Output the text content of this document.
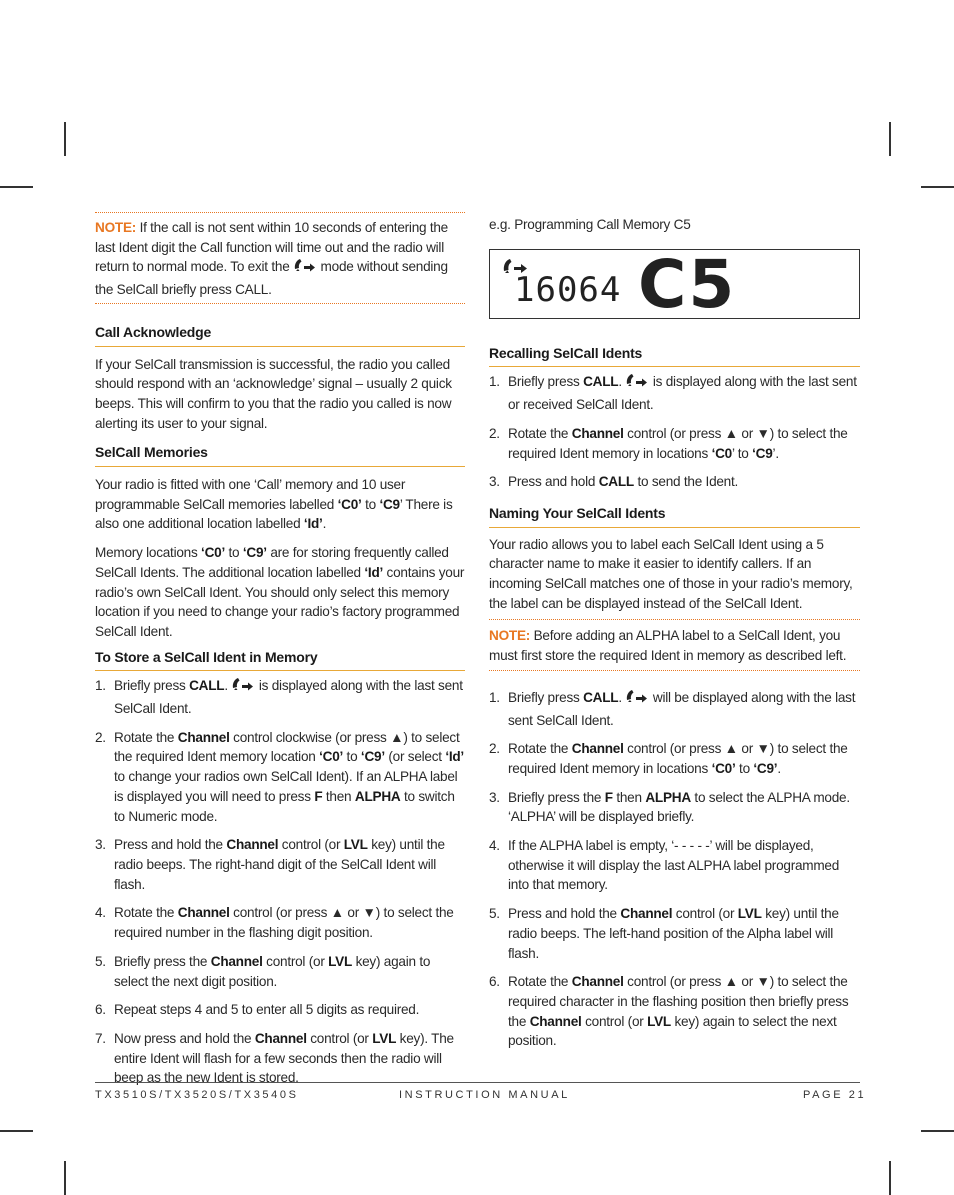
NOTE: If the call is not sent within 10 seconds of entering the last Ident digit the Call function will time out and the radio will return to normal mode. To exit the  mode without sending the SelCall briefly press CALL.
Call Acknowledge

If your SelCall transmission is successful, the radio you called should respond with an ‘acknowledge’ signal – usually 2 quick beeps. This will confirm to you that the radio you called is now alerting its user to your signal.

SelCall Memories

Your radio is fitted with one ‘Call’ memory and 10 user programmable SelCall memories labelled ‘C0’ to ‘C9’ There is also one additional location labelled ‘Id’.

Memory locations ‘C0’ to ‘C9’ are for storing frequently called SelCall Idents. The additional location labelled ‘Id’ contains your radio’s own SelCall Ident. You should only select this memory location if you need to change your radio’s factory programmed SelCall Ident.

To Store a SelCall Ident in Memory
1. Briefly press CALL.  is displayed along with the last sent SelCall Ident.
2. Rotate the Channel control clockwise (or press ▲) to select the required Ident memory location ‘C0’ to ‘C9’ (or select ‘Id’ to change your radios own SelCall Ident). If an ALPHA label is displayed you will need to press F then ALPHA to switch to Numeric mode.
3. Press and hold the Channel control (or LVL key) until the radio beeps. The right-hand digit of the SelCall Ident will flash.
4. Rotate the Channel control (or press ▲ or ▼) to select the required number in the flashing digit position.
5. Briefly press the Channel control (or LVL key) again to select the next digit position.
6. Repeat steps 4 and 5 to enter all 5 digits as required.
7. Now press and hold the Channel control (or LVL key). The entire Ident will flash for a few seconds then the radio will beep as the new Ident is stored.

e.g. Programming Call Memory C5

16064 C5
Recalling SelCall Idents
1. Briefly press CALL.  is displayed along with the last sent or received SelCall Ident.
2. Rotate the Channel control (or press ▲ or ▼) to select the required Ident memory in locations ‘C0’ to ‘C9’.
3. Press and hold CALL to send the Ident.
Naming Your SelCall Idents

Your radio allows you to label each SelCall Ident using a 5 character name to make it easier to identify callers. If an incoming SelCall matches one of those in your radio’s memory, the label can be displayed instead of the SelCall Ident.

NOTE: Before adding an ALPHA label to a SelCall Ident, you must first store the required Ident in memory as described left.
1. Briefly press CALL.  will be displayed along with the last sent SelCall Ident.
2. Rotate the Channel control (or press ▲ or ▼) to select the required Ident memory in locations ‘C0’ to ‘C9’.
3. Briefly press the F then ALPHA to select the ALPHA mode. ‘ALPHA’ will be displayed briefly.
4. If the ALPHA label is empty, ‘- - - - -’ will be displayed, otherwise it will display the last ALPHA label programmed into that memory.
5. Press and hold the Channel control (or LVL key) until the radio beeps. The left-hand position of the Alpha label will flash.
6. Rotate the Channel control (or press ▲ or ▼) to select the required character in the flashing position then briefly press the Channel control (or LVL key) again to select the next position.
TX3510S/TX3520S/TX3540S	INSTRUCTION MANUAL	PAGE 21
